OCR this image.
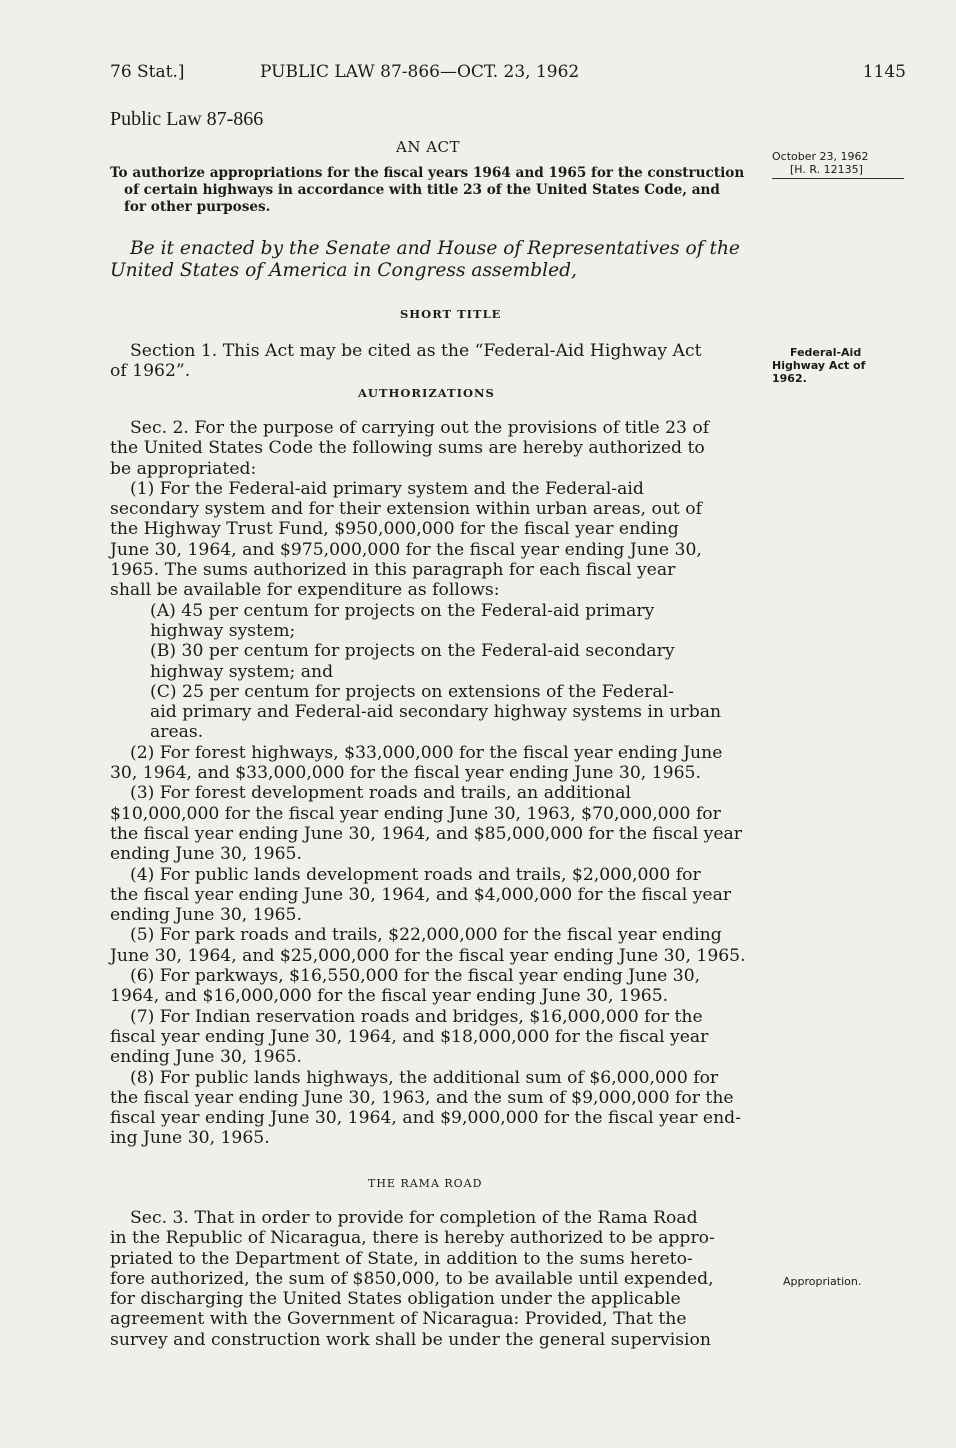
76 Stat.]	PUBLIC LAW 87-866—OCT. 23, 1962	1145
Public Law 87-866
AN ACT
To authorize appropriations for the fiscal years 1964 and 1965 for the construction
of certain highways in accordance with title 23 of the United States Code, and
for other purposes.
October 23, 1962
[H. R. 12135]
Be it enacted by the Senate and House of Representatives of the
United States of America in Congress assembled,
SHORT TITLE
Section 1. This Act may be cited as the “Federal-Aid Highway Act
of 1962”.
Federal-Aid
Highway Act of
1962.
AUTHORIZATIONS
Sec. 2. For the purpose of carrying out the provisions of title 23 of
the United States Code the following sums are hereby authorized to
be appropriated:
(1) For the Federal-aid primary system and the Federal-aid
secondary system and for their extension within urban areas, out of
the Highway Trust Fund, $950,000,000 for the fiscal year ending
June 30, 1964, and $975,000,000 for the fiscal year ending June 30,
1965. The sums authorized in this paragraph for each fiscal year
shall be available for expenditure as follows:
(A) 45 per centum for projects on the Federal-aid primary
highway system;
(B) 30 per centum for projects on the Federal-aid secondary
highway system; and
(C) 25 per centum for projects on extensions of the Federal-
aid primary and Federal-aid secondary highway systems in urban
areas.
(2) For forest highways, $33,000,000 for the fiscal year ending June
30, 1964, and $33,000,000 for the fiscal year ending June 30, 1965.
(3) For forest development roads and trails, an additional
$10,000,000 for the fiscal year ending June 30, 1963, $70,000,000 for
the fiscal year ending June 30, 1964, and $85,000,000 for the fiscal year
ending June 30, 1965.
(4) For public lands development roads and trails, $2,000,000 for
the fiscal year ending June 30, 1964, and $4,000,000 for the fiscal year
ending June 30, 1965.
(5) For park roads and trails, $22,000,000 for the fiscal year ending
June 30, 1964, and $25,000,000 for the fiscal year ending June 30, 1965.
(6) For parkways, $16,550,000 for the fiscal year ending June 30,
1964, and $16,000,000 for the fiscal year ending June 30, 1965.
(7) For Indian reservation roads and bridges, $16,000,000 for the
fiscal year ending June 30, 1964, and $18,000,000 for the fiscal year
ending June 30, 1965.
(8) For public lands highways, the additional sum of $6,000,000 for
the fiscal year ending June 30, 1963, and the sum of $9,000,000 for the
fiscal year ending June 30, 1964, and $9,000,000 for the fiscal year end-
ing June 30, 1965.
THE RAMA ROAD
Sec. 3. That in order to provide for completion of the Rama Road
in the Republic of Nicaragua, there is hereby authorized to be appro-
priated to the Department of State, in addition to the sums hereto-
fore authorized, the sum of $850,000, to be available until expended,
for discharging the United States obligation under the applicable
agreement with the Government of Nicaragua: Provided, That the
survey and construction work shall be under the general supervision
Appropriation.
